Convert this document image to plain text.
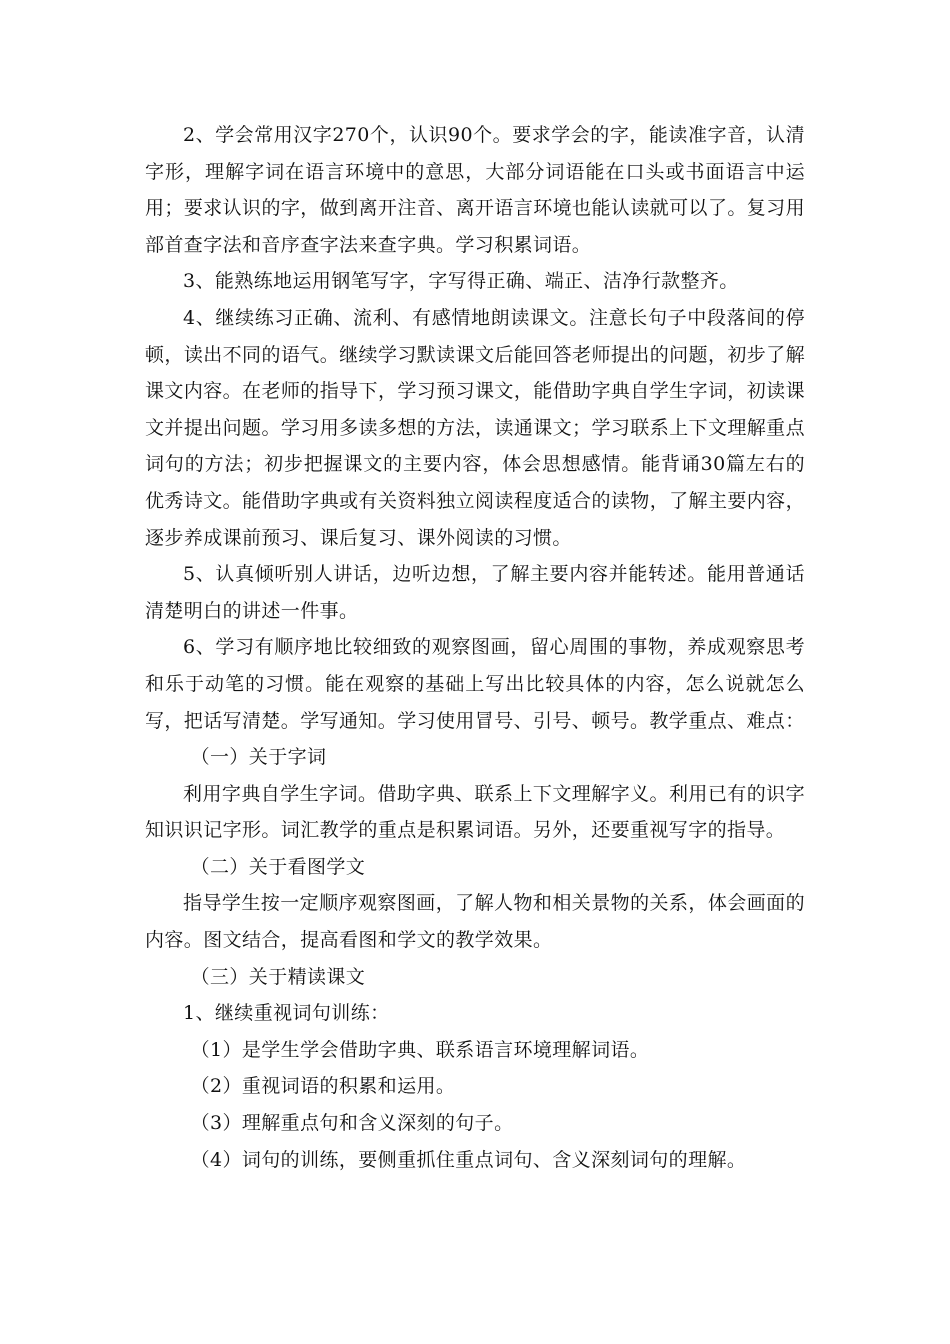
2、学会常用汉字270个，认识90个。要求学会的字，能读准字音，认清字形，理解字词在语言环境中的意思，大部分词语能在口头或书面语言中运用；要求认识的字，做到离开注音、离开语言环境也能认读就可以了。复习用部首查字法和音序查字法来查字典。学习积累词语。

3、能熟练地运用钢笔写字，字写得正确、端正、洁净行款整齐。

4、继续练习正确、流利、有感情地朗读课文。注意长句子中段落间的停顿，读出不同的语气。继续学习默读课文后能回答老师提出的问题，初步了解课文内容。在老师的指导下，学习预习课文，能借助字典自学生字词，初读课文并提出问题。学习用多读多想的方法，读通课文；学习联系上下文理解重点词句的方法；初步把握课文的主要内容，体会思想感情。能背诵30篇左右的优秀诗文。能借助字典或有关资料独立阅读程度适合的读物，了解主要内容，逐步养成课前预习、课后复习、课外阅读的习惯。

5、认真倾听别人讲话，边听边想，了解主要内容并能转述。能用普通话清楚明白的讲述一件事。

6、学习有顺序地比较细致的观察图画，留心周围的事物，养成观察思考和乐于动笔的习惯。能在观察的基础上写出比较具体的内容，怎么说就怎么写，把话写清楚。学写通知。学习使用冒号、引号、顿号。教学重点、难点：

（一）关于字词

利用字典自学生字词。借助字典、联系上下文理解字义。利用已有的识字知识识记字形。词汇教学的重点是积累词语。另外，还要重视写字的指导。

（二）关于看图学文

指导学生按一定顺序观察图画，了解人物和相关景物的关系，体会画面的内容。图文结合，提高看图和学文的教学效果。

（三）关于精读课文

1、继续重视词句训练：

（1）是学生学会借助字典、联系语言环境理解词语。

（2）重视词语的积累和运用。

（3）理解重点句和含义深刻的句子。

（4）词句的训练，要侧重抓住重点词句、含义深刻词句的理解。
